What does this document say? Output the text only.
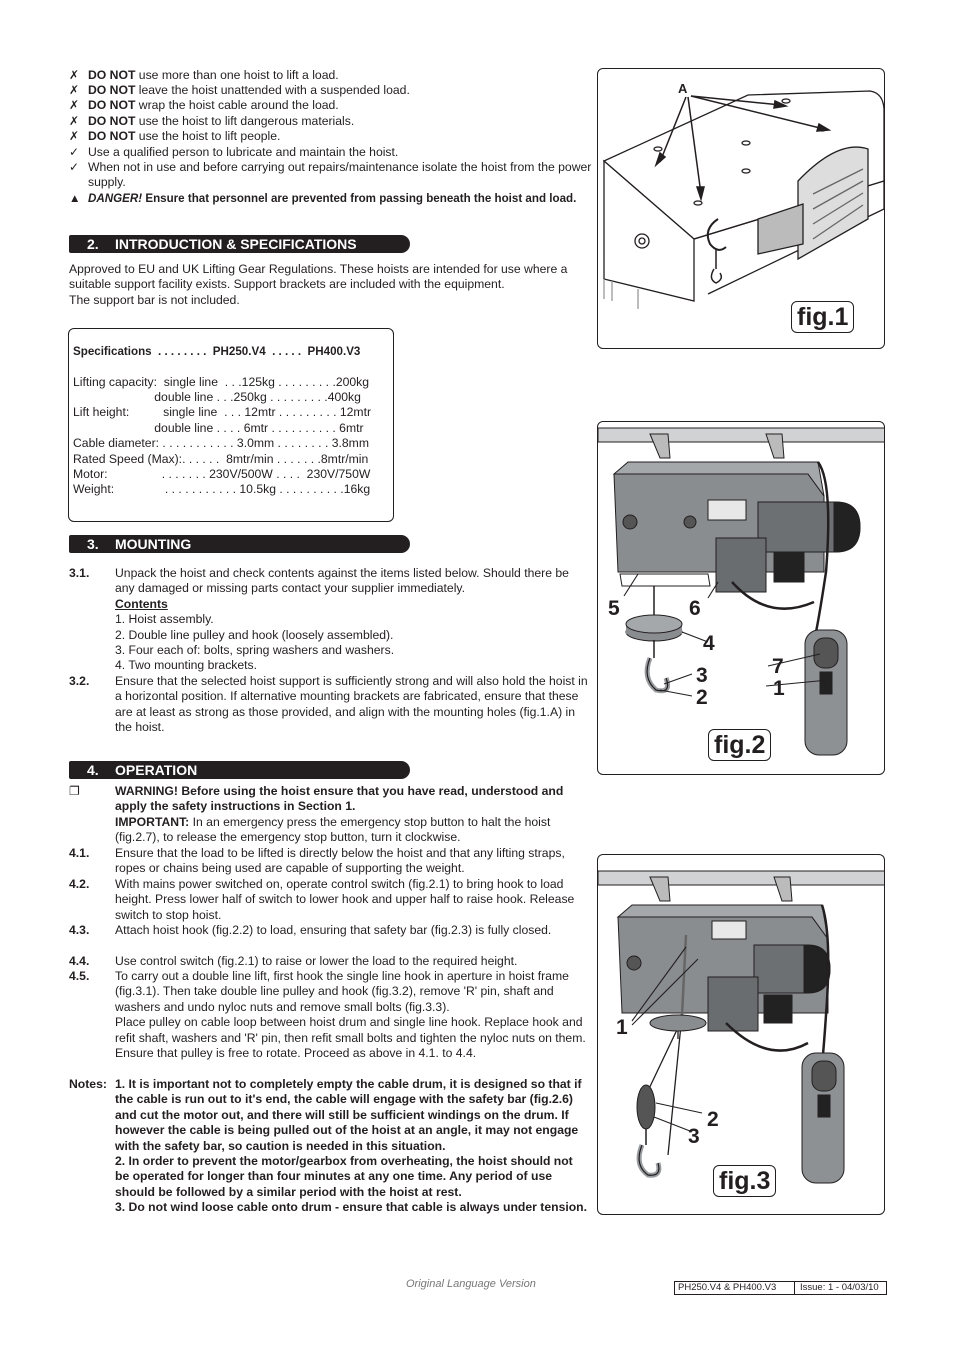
✗ DO NOT use more than one hoist to lift a load.
✗ DO NOT leave the hoist unattended with a suspended load.
✗ DO NOT wrap the hoist cable around the load.
✗ DO NOT use the hoist to lift dangerous materials.
✗ DO NOT use the hoist to lift people.
✓ Use a qualified person to lubricate and maintain the hoist.
✓ When not in use and before carrying out repairs/maintenance isolate the hoist from the power supply.
▲ DANGER! Ensure that personnel are prevented from passing beneath the hoist and load.
2. INTRODUCTION & SPECIFICATIONS
Approved to EU and UK Lifting Gear Regulations. These hoists are intended for use where a suitable support facility exists. Support brackets are included with the equipment.
The support bar is not included.
Specifications  . . . . . . . .  PH250.V4  . . . . .  PH400.V3
Lifting capacity:  single line  . . .125kg . . . . . . . . .200kg
double line . . .250kg . . . . . . . . .400kg
Lift height:          single line  . . . 12mtr . . . . . . . . . 12mtr
double line . . . . 6mtr . . . . . . . . . . 6mtr
Cable diameter: . . . . . . . . . . . 3.0mm . . . . . . . . 3.8mm
Rated Speed (Max):. . . . . .  8mtr/min . . . . . . .8mtr/min
Motor:                . . . . . . . 230V/500W . . . .  230V/750W
Weight:               . . . . . . . . . . . 10.5kg . . . . . . . . . .16kg
3. MOUNTING
3.1. Unpack the hoist and check contents against the items listed below. Should there be any damaged or missing parts contact your supplier immediately.
Contents
1. Hoist assembly.
2. Double line pulley and hook (loosely assembled).
3. Four each of: bolts, spring washers and washers.
4. Two mounting brackets.
3.2. Ensure that the selected hoist support is sufficiently strong and will also hold the hoist in a horizontal position. If alternative mounting brackets are fabricated, ensure that these are at least as strong as those provided, and align with the mounting holes (fig.1.A) in the hoist.
4. OPERATION
❐	WARNING! Before using the hoist ensure that you have read, understood and apply the safety instructions in Section 1.
IMPORTANT: In an emergency press the emergency stop button to halt the hoist (fig.2.7), to release the emergency stop button, turn it clockwise.
4.1. Ensure that the load to be lifted is directly below the hoist and that any lifting straps, ropes or chains being used are capable of supporting the weight.
4.2. With mains power switched on, operate control switch (fig.2.1) to bring hook to load height. Press lower half of switch to lower hook and upper half to raise hook. Release switch to stop hoist.
4.3. Attach hoist hook (fig.2.2) to load, ensuring that safety bar (fig.2.3) is fully closed.
4.4. Use control switch (fig.2.1) to raise or lower the load to the required height.
4.5. To carry out a double line lift, first hook the single line hook in aperture in hoist frame (fig.3.1). Then take double line pulley and hook (fig.3.2), remove 'R' pin, shaft and washers and undo nyloc nuts and remove small bolts (fig.3.3).
Place pulley on cable loop between hoist drum and single line hook. Replace hook and refit shaft, washers and 'R' pin, then refit small bolts and tighten the nyloc nuts on them. Ensure that pulley is free to rotate. Proceed as above in 4.1. to 4.4.
Notes: 1. It is important not to completely empty the cable drum, it is designed so that if the cable is run out to it's end, the cable will engage with the safety bar (fig.2.6) and cut the motor out, and there will still be sufficient windings on the drum. If however the cable is being pulled out of the hoist at an angle, it may not engage with the safety bar, so caution is needed in this situation.
2. In order to prevent the motor/gearbox from overheating, the hoist should not be operated for longer than four minutes at any one time. Any period of use should be followed by a similar period with the hoist at rest.
3. Do not wind loose cable onto drum - ensure that cable is always under tension.
A
fig.1
5	6
4
7
1
3
2
fig.2
1
2
3
fig.3
Original Language Version	PH250.V4 & PH400.V3	Issue: 1 - 04/03/10
